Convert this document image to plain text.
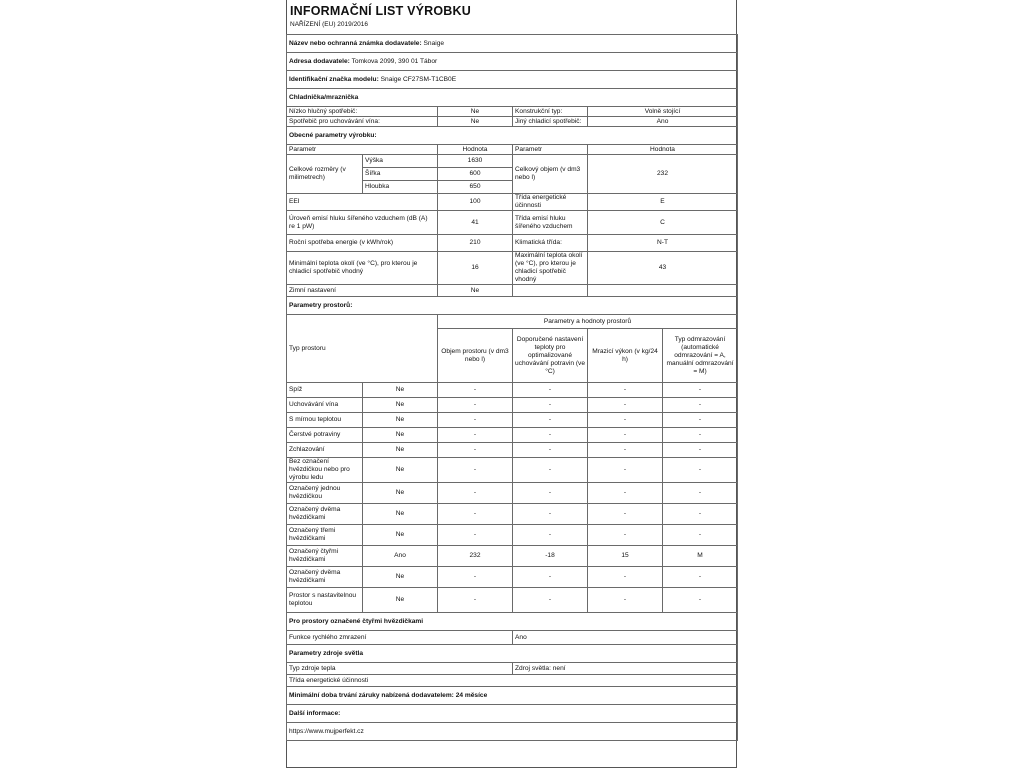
INFORMAČNÍ LIST VÝROBKU
NAŘÍZENÍ (EU) 2019/2016
Název nebo ochranná známka dodavatele: Snaige					
Adresa dodavatele: Tomkova 2099, 390 01 Tábor					
Identifikační značka modelu: Snaige CF27SM-T1CB0E					
Chladnička/mraznička					
Nízko hlučný spotřebič:		Ne	Konstrukční typ:	Volně stojící	
Spotřebič pro uchovávání vína:		Ne	Jiný chladicí spotřebič:	Ano	
Obecné parametry výrobku:					
Parametr		Hodnota	Parametr	Hodnota	
Celkové rozměry (v milimetrech)	Výška	1630	Celkový objem (v dm3 nebo l)	232	
	Šířka	600			
	Hloubka	650			
EEI		100	Třída energetické účinnosti	E	
Úroveň emisí hluku šířeného vzduchem (dB (A) re 1 pW)		41	Třída emisí hluku šířeného vzduchem	C	
Roční spotřeba energie (v kWh/rok)		210	Klimatická třída:	N-T	
Minimální teplota okolí (ve °C), pro kterou je chladicí spotřebič vhodný		16	Maximální teplota okolí (ve °C), pro kterou je chladicí spotřebič vhodný	43	
Zimní nastavení		Ne			
Parametry prostorů:					
Typ prostoru		Parametry a hodnoty prostorů			
		Objem prostoru (v dm3 nebo l)	Doporučené nastavení teploty pro optimalizované uchovávání potravin (ve °C)	Mrazicí výkon (v kg/24 h)	Typ odmrazování (automatické odmrazování = A, manuální odmrazování = M)
Spíž	Ne	-	-	-	-
Uchovávání vína	Ne	-	-	-	-
S mírnou teplotou	Ne	-	-	-	-
Čerstvé potraviny	Ne	-	-	-	-
Zchlazování	Ne	-	-	-	-
Bez označení hvězdičkou nebo pro výrobu ledu	Ne	-	-	-	-
Označený jednou hvězdičkou	Ne	-	-	-	-
Označený dvěma hvězdičkami	Ne	-	-	-	-
Označený třemi hvězdičkami	Ne	-	-	-	-
Označený čtyřmi hvězdičkami	Ano	232	-18	15	M
Označený dvěma hvězdičkami	Ne	-	-	-	-
Prostor s nastavitelnou teplotou	Ne	-	-	-	-
Pro prostory označené čtyřmi hvězdičkami					
Funkce rychlého zmrazení			Ano		
Parametry zdroje světla					
Typ zdroje tepla			Zdroj světla: není		
Třída energetické účinnosti					
Minimální doba trvání záruky nabízená dodavatelem: 24 měsíce					
Další informace:					
https://www.mujperfekt.cz					
